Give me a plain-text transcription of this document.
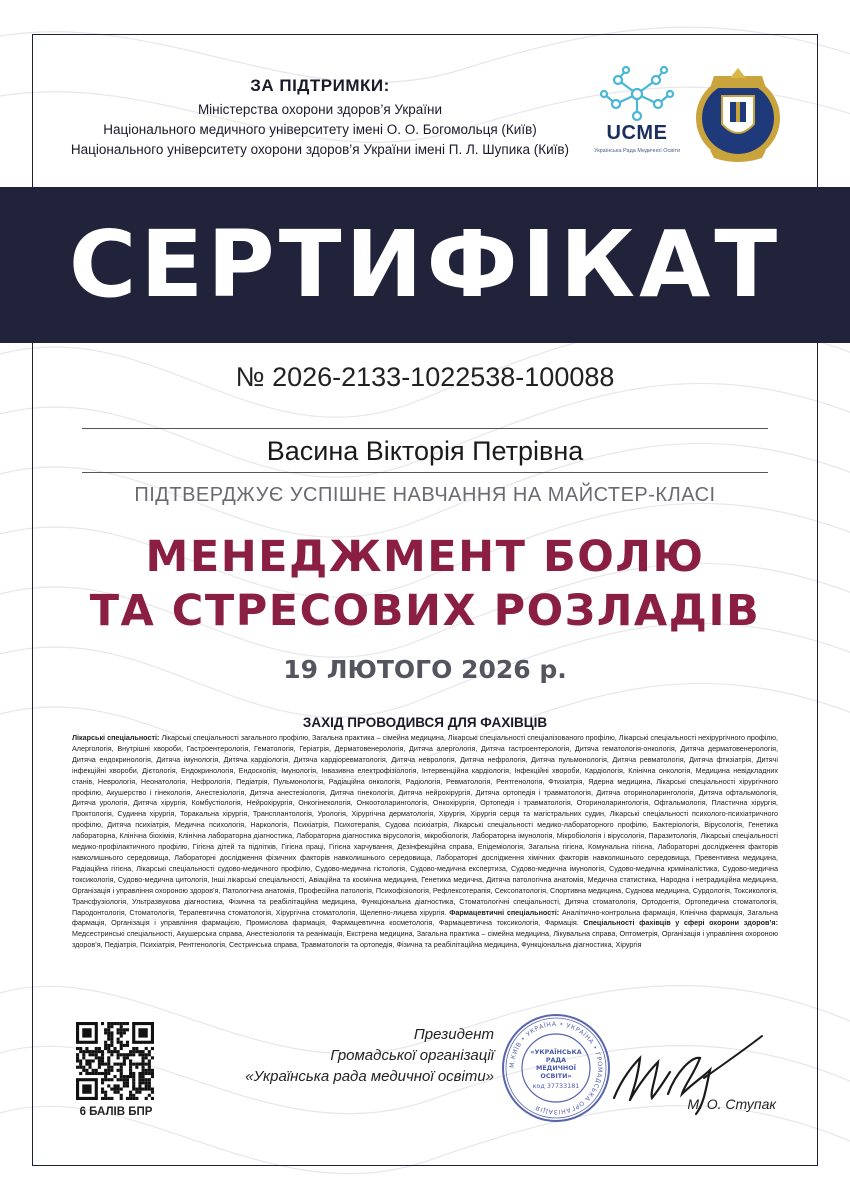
ЗА ПІДТРИМКИ:
Міністерства охорони здоров’я України
Національного медичного університету імені О. О. Богомольця (Київ)
Національного університету охорони здоров’я України імені П. Л. Шупика (Київ)
UCME
Українська Рада Медичної Освіти
СЕРТИФІКАТ
№ 2026-2133-1022538-100088
Васина Вікторія Петрівна
ПІДТВЕРДЖУЄ УСПІШНЕ НАВЧАННЯ НА МАЙСТЕР-КЛАСІ
МЕНЕДЖМЕНТ БОЛЮ
ТА СТРЕСОВИХ РОЗЛАДІВ
19 ЛЮТОГО 2026 р.
ЗАХІД ПРОВОДИВСЯ ДЛЯ ФАХІВЦІВ
Лікарські спеціальності: Лікарські спеціальності загального профілю, Загальна практика – сімейна медицина, Лікарські спеціальності спеціалізованого профілю, Лікарські спеціальності нехірургічного профілю, Алергологія, Внутрішні хвороби, Гастроентерологія, Гематологія, Геріатрія, Дерматовенерологія, Дитяча алергологія, Дитяча гастроентерологія, Дитяча гематологія-онкологія, Дитяча дерматовенерологія, Дитяча ендокринологія, Дитяча імунологія, Дитяча кардіологія, Дитяча кардіоревматологія, Дитяча неврологія, Дитяча нефрологія, Дитяча пульмонологія, Дитяча ревматологія, Дитяча фтизіатрія, Дитячі інфекційні хвороби, Дієтологія, Ендокринологія, Ендоскопія, Імунологія, Інвазивна електрофізіологія, Інтервенційна кардіологія, Інфекційні хвороби, Кардіологія, Клінічна онкологія, Медицина невідкладних станів, Неврологія, Неонатологія, Нефрологія, Педіатрія, Пульмонологія, Радіаційна онкологія, Радіологія, Ревматологія, Рентгенологія, Фтизіатрія, Ядерна медицина, Лікарські спеціальності хірургічного профілю, Акушерство і гінекологія, Анестезіологія, Дитяча анестезіологія, Дитяча гінекологія, Дитяча нейрохірургія, Дитяча ортопедія і травматологія, Дитяча оториноларингологія, Дитяча офтальмологія, Дитяча урологія, Дитяча хірургія, Комбустіологія, Нейрохірургія, Онкогінекологія, Онкоотоларингологія, Онкохірургія, Ортопедія і травматологія, Оториноларингологія, Офтальмологія, Пластична хірургія, Проктологія, Судинна хірургія, Торакальна хірургія, Трансплантологія, Урологія, Хірургічна дерматологія, Хірургія, Хірургія серця та магістральних судин, Лікарські спеціальності психолого-психіатричного профілю, Дитяча психіатрія, Медична психологія, Наркологія, Психіатрія, Психотерапія, Судова психіатрія, Лікарські спеціальності медико-лабораторного профілю, Бактеріологія, Вірусологія, Генетика лабораторна, Клінічна біохімія, Клінічна лабораторна діагностика, Лабораторна діагностика вірусологія, мікробіологія, Лабораторна імунологія, Мікробіологія і вірусологія, Паразитологія, Лікарські спеціальності медико-профілактичного профілю, Гігієна дітей та підлітків, Гігієна праці, Гігієна харчування, Дезінфекційна справа, Епідеміологія, Загальна гігієна, Комунальна гігієна, Лабораторні дослідження факторів навколишнього середовища, Лабораторні дослідження фізичних факторів навколишнього середовища, Лабораторні дослідження хімічних факторів навколишнього середовища, Превентивна медицина, Радіаційна гігієна, Лікарські спеціальності судово-медичного профілю, Судово-медична гістологія, Судово-медична експертиза, Судово-медична імунологія, Судово-медична криміналістика, Судово-медична токсикологія, Судово-медична цитологія, Інші лікарські спеціальності, Авіаційна та космічна медицина, Генетика медична, Дитяча патологічна анатомія, Медична статистика, Народна і нетрадиційна медицина, Організація і управління охороною здоров’я, Патологічна анатомія, Професійна патологія, Психофізіологія, Рефлексотерапія, Сексопатологія, Спортивна медицина, Суднова медицина, Сурдологія, Токсикологія, Трансфузіологія, Ультразвукова діагностика, Фізична та реабілітаційна медицина, Функціональна діагностика, Стоматологічні спеціальності, Дитяча стоматологія, Ортодонтія, Ортопедична стоматологія, Пародонтологія, Стоматологія, Терапевтична стоматологія, Хірургічна стоматологія, Щелепно-лицева хірургія. Фармацевтичні спеціальності: Аналітично-контрольна фармація, Клінічна фармація, Загальна фармація, Організація і управління фармацією, Промислова фармація, Фармацевтична косметологія, Фармацевтична токсикологія, Фармація. Спеціальності фахівців у сфері охорони здоров’я: Медсестринські спеціальності, Акушерська справа, Анестезіологія та реанімація, Екстрена медицина, Загальна практика – сімейна медицина, Лікувальна справа, Оптометрія, Організація і управління охороною здоров’я, Педіатрія, Психіатрія, Рентгенологія, Сестринська справа, Травматологія та ортопедія, Фізична та реабілітаційна медицина, Функціональна діагностика, Хірургія
6 БАЛІВ БПР
Президент
Громадської організації
«Українська рада медичної освіти»
М.КИЇВ • УКРАЇНА • УКРАЇНА • ГРОМАДСЬКА ОРГАНІЗАЦІЯ
«УКРАЇНСЬКА РАДА МЕДИЧНОЇ ОСВІТИ»
код 37733181
М. О. Ступак
